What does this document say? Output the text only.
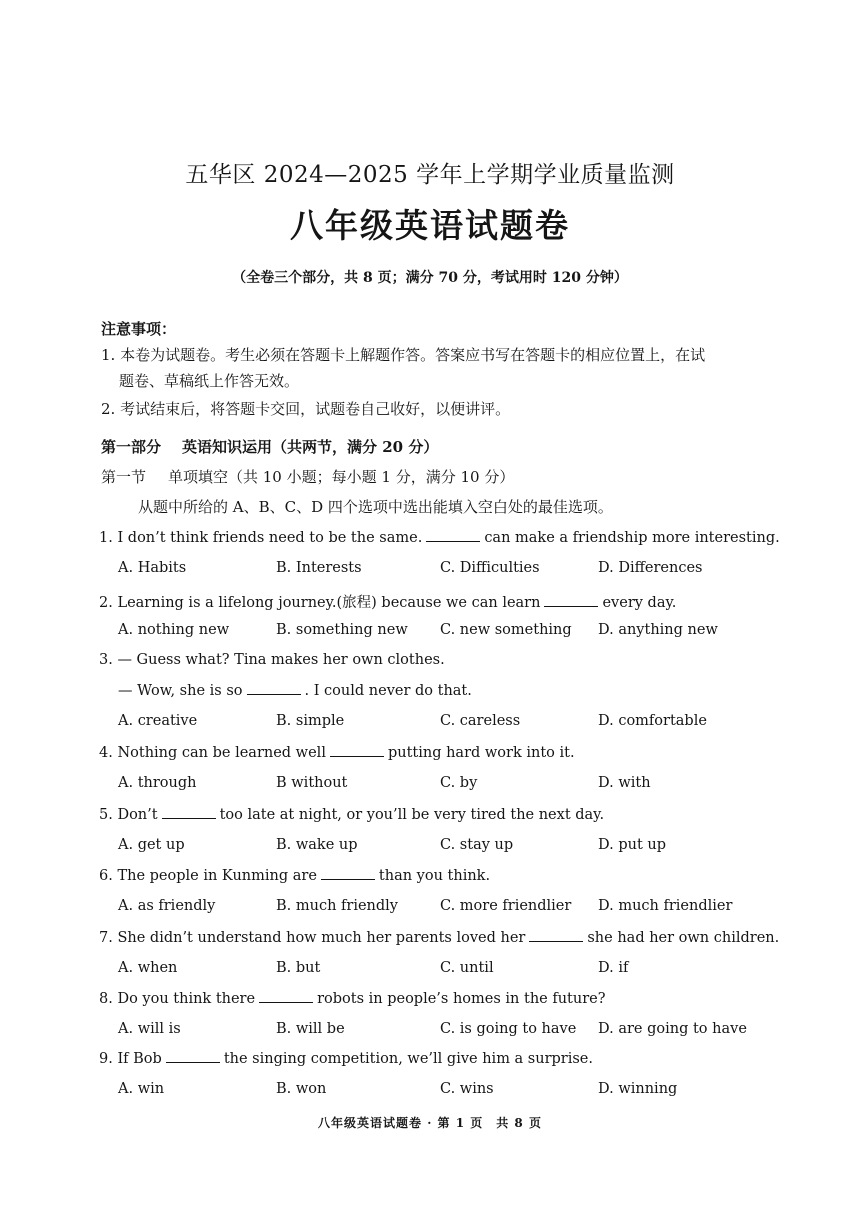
五华区 2024—2025 学年上学期学业质量监测
八年级英语试题卷
（全卷三个部分，共 8 页；满分 70 分，考试用时 120 分钟）
注意事项：
1. 本卷为试题卷。考生必须在答题卡上解题作答。答案应书写在答题卡的相应位置上，在试
题卷、草稿纸上作答无效。
2. 考试结束后，将答题卡交回，试题卷自己收好，以便讲评。
第一部分 英语知识运用（共两节，满分 20 分）
第一节 单项填空（共 10 小题；每小题 1 分，满分 10 分）
从题中所给的 A、B、C、D 四个选项中选出能填入空白处的最佳选项。
1. I don’t think friends need to be the same.	can make a friendship more interesting.
A. Habits	B. Interests	C. Difficulties	D. Differences
2. Learning is a lifelong journey.(旅程) because we can learn	every day.
A. nothing new	B. something new C. new something D. anything new
3. — Guess what? Tina makes her own clothes.
— Wow, she is so	. I could never do that.
A. creative	B. simple	C. careless	D. comfortable
4. Nothing can be learned well	putting hard work into it.
A. through	B without	C. by	D. with
5. Don’t	too late at night, or you’ll be very tired the next day.
A. get up	B. wake up	C. stay up	D. put up
6. The people in Kunming are	than you think.
A. as friendly	B. much friendly	C. more friendlier D. much friendlier
7. She didn’t understand how much her parents loved her	she had her own children.
A. when	B. but	C. until	D. if
8. Do you think there	robots in people’s homes in the future?
A. will is	B. will be	C. is going to have D. are going to have
9. If Bob	the singing competition, we’ll give him a surprise.
A. win	B. won	C. wins	D. winning
八年级英语试题卷 · 第 1 页　共 8 页
